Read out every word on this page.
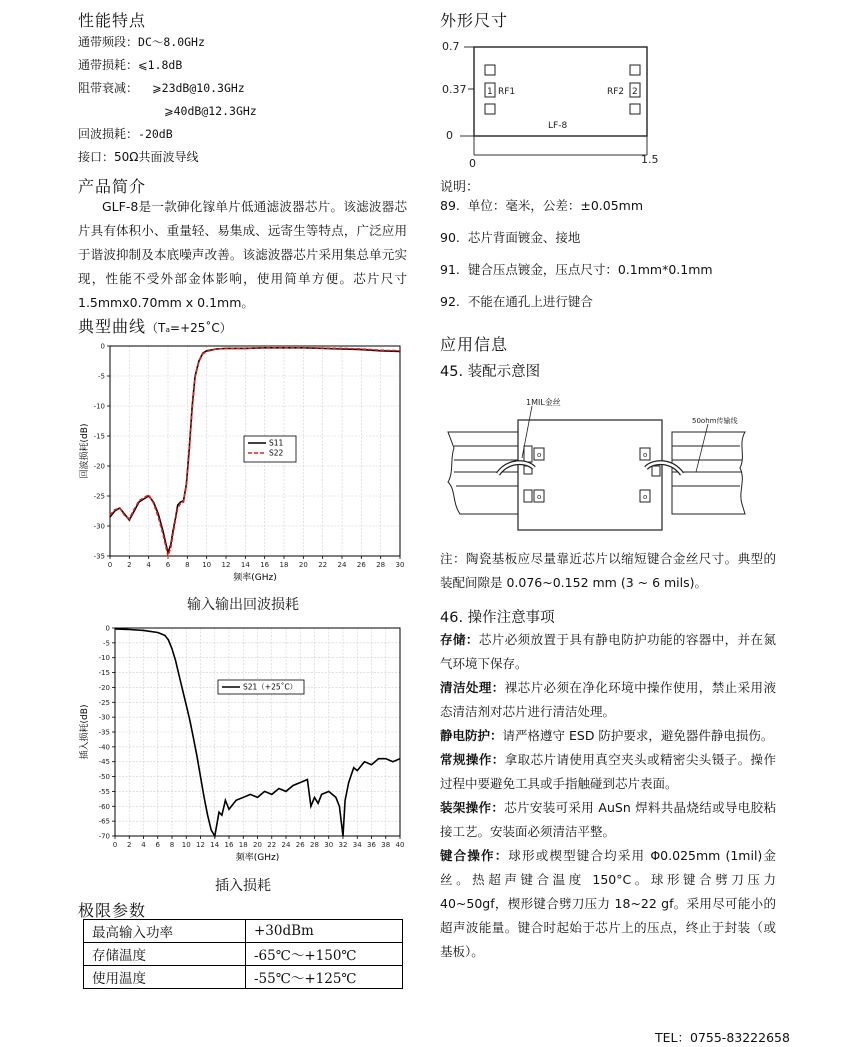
性能特点
通带频段：DC～8.0GHz
通带损耗：⩽1.8dB
阻带衰减： ⩾23dB@10.3GHz
⩾40dB@12.3GHz
回波损耗：-20dB
接口：50Ω共面波导线
产品简介
GLF-8是一款砷化镓单片低通滤波器芯片。该滤波器芯片具有体积小、重量轻、易集成、远寄生等特点，广泛应用于谐波抑制及本底噪声改善。该滤波器芯片采用集总单元实现，性能不受外部金体影响，使用简单方便。芯片尺寸1.5mmx0.70mm x 0.1mm。
典型曲线（Tₐ=+25˚C）
0 2 4 6 8 10 12 14 16 18 20 22 24 26 28 30
0
-5
-10
-15
-20
-25
-30
-35
S11
S22
频率(GHz)
回波损耗(dB)
输入输出回波损耗
0 2 4 6 8 10 12 14 16 18 20 22 24 26 28 30 32 34 36 38 40
0
-5
-10
-15
-20
-25
-30
-35
-40
-45
-50
-55
-60
-65
-70
S21（+25˚C）
频率(GHz)
插入损耗(dB)
插入损耗
极限参数
最高输入功率	+30dBm
存储温度	-65℃～+150℃
使用温度	-55℃～+125℃
外形尺寸
0.7
0.37
0
0	1.5
1	2
RF1	RF2
LF-8
说明：
89. 单位：毫米，公差：±0.05mm
90. 芯片背面镀金、接地
91. 键合压点镀金，压点尺寸：0.1mm*0.1mm
92. 不能在通孔上进行键合
应用信息
45. 装配示意图
o
o
o
o
1MIL金丝
50ohm传输线
注：陶瓷基板应尽量靠近芯片以缩短键合金丝尺寸。典型的装配间隙是 0.076~0.152 mm (3 ~ 6 mils)。
46. 操作注意事项
存储：芯片必须放置于具有静电防护功能的容器中，并在氮气环境下保存。
清洁处理：裸芯片必须在净化环境中操作使用，禁止采用液态清洁剂对芯片进行清洁处理。
静电防护：请严格遵守 ESD 防护要求，避免器件静电损伤。
常规操作：拿取芯片请使用真空夹头或精密尖头镊子。操作过程中要避免工具或手指触碰到芯片表面。
装架操作：芯片安装可采用 AuSn 焊料共晶烧结或导电胶粘接工艺。安装面必须清洁平整。
键合操作：球形或楔型键合均采用 Φ0.025mm (1mil)金丝。热超声键合温度 150°C。球形键合劈刀压力 40~50gf，楔形键合劈刀压力 18~22 gf。采用尽可能小的超声波能量。键合时起始于芯片上的压点，终止于封装（或基板）。
TEL：0755-83222658
